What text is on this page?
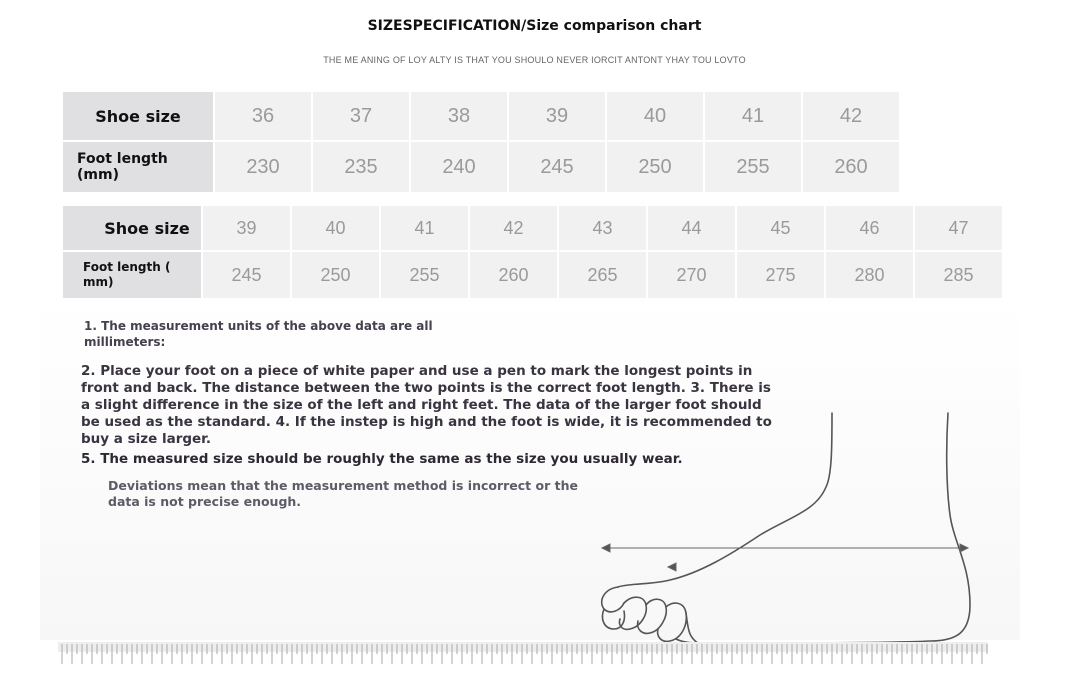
SIZESPECIFICATION/Size comparison chart
THE ME ANING OF LOY ALTY IS THAT YOU SHOULO NEVER IORCIT ANTONT YHAY TOU LOVTO
Shoe size	36	37	38	39	40	41	42
Foot length (mm)	230	235	240	245	250	255	260
Shoe size	39	40	41	42	43	44	45	46	47
Foot length ( mm)	245	250	255	260	265	270	275	280	285
1. The measurement units of the above data are all millimeters:
2. Place your foot on a piece of white paper and use a pen to mark the longest points in front and back. The distance between the two points is the correct foot length. 3. There is a slight difference in the size of the left and right feet. The data of the larger foot should be used as the standard. 4. If the instep is high and the foot is wide, it is recommended to buy a size larger.
5. The measured size should be roughly the same as the size you usually wear.
Deviations mean that the measurement method is incorrect or the data is not precise enough.
